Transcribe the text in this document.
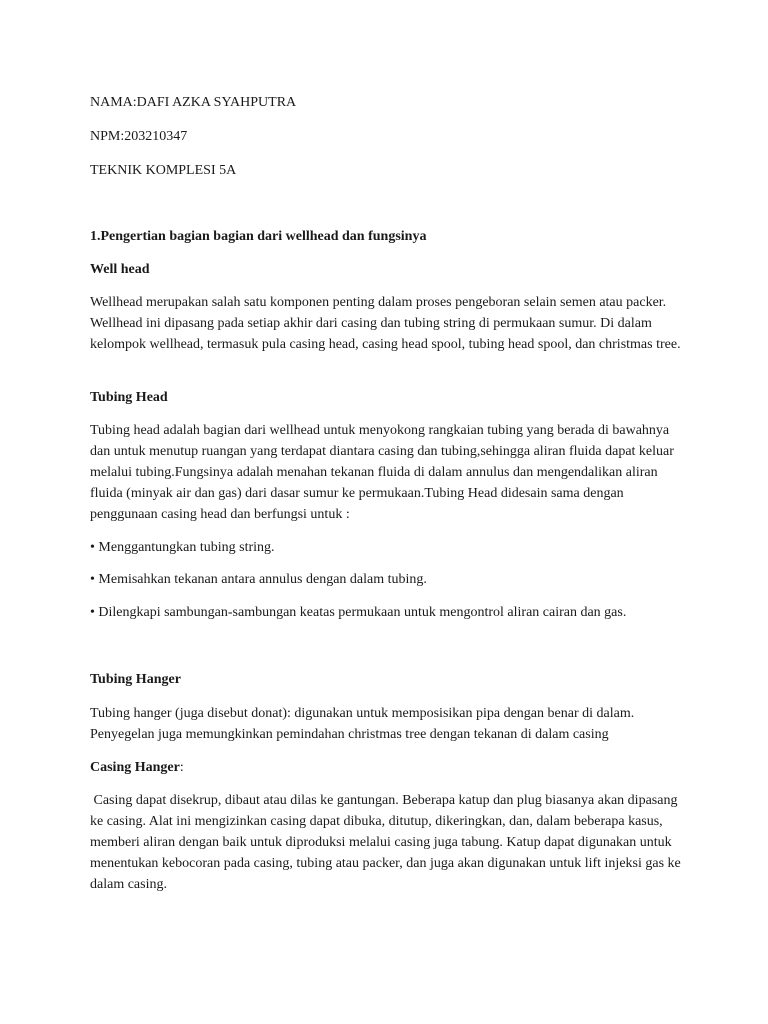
NAMA:DAFI AZKA SYAHPUTRA

NPM:203210347

TEKNIK KOMPLESI 5A

1.Pengertian bagian bagian dari wellhead dan fungsinya

Well head

Wellhead merupakan salah satu komponen penting dalam proses pengeboran selain semen atau packer. Wellhead ini dipasang pada setiap akhir dari casing dan tubing string di permukaan sumur. Di dalam kelompok wellhead, termasuk pula casing head, casing head spool, tubing head spool, dan christmas tree.

Tubing Head

Tubing head adalah bagian dari wellhead untuk menyokong rangkaian tubing yang berada di bawahnya dan untuk menutup ruangan yang terdapat diantara casing dan tubing,sehingga aliran fluida dapat keluar melalui tubing.Fungsinya adalah menahan tekanan fluida di dalam annulus dan mengendalikan aliran fluida (minyak air dan gas) dari dasar sumur ke permukaan.Tubing Head didesain sama dengan penggunaan casing head dan berfungsi untuk :

• Menggantungkan tubing string.

• Memisahkan tekanan antara annulus dengan dalam tubing.

• Dilengkapi sambungan-sambungan keatas permukaan untuk mengontrol aliran cairan dan gas.

Tubing Hanger

Tubing hanger (juga disebut donat): digunakan untuk memposisikan pipa dengan benar di dalam. Penyegelan juga memungkinkan pemindahan christmas tree dengan tekanan di dalam casing

Casing Hanger:

Casing dapat disekrup, dibaut atau dilas ke gantungan. Beberapa katup dan plug biasanya akan dipasang ke casing. Alat ini mengizinkan casing dapat dibuka, ditutup, dikeringkan, dan, dalam beberapa kasus, memberi aliran dengan baik untuk diproduksi melalui casing juga tabung. Katup dapat digunakan untuk menentukan kebocoran pada casing, tubing atau packer, dan juga akan digunakan untuk lift injeksi gas ke dalam casing.
